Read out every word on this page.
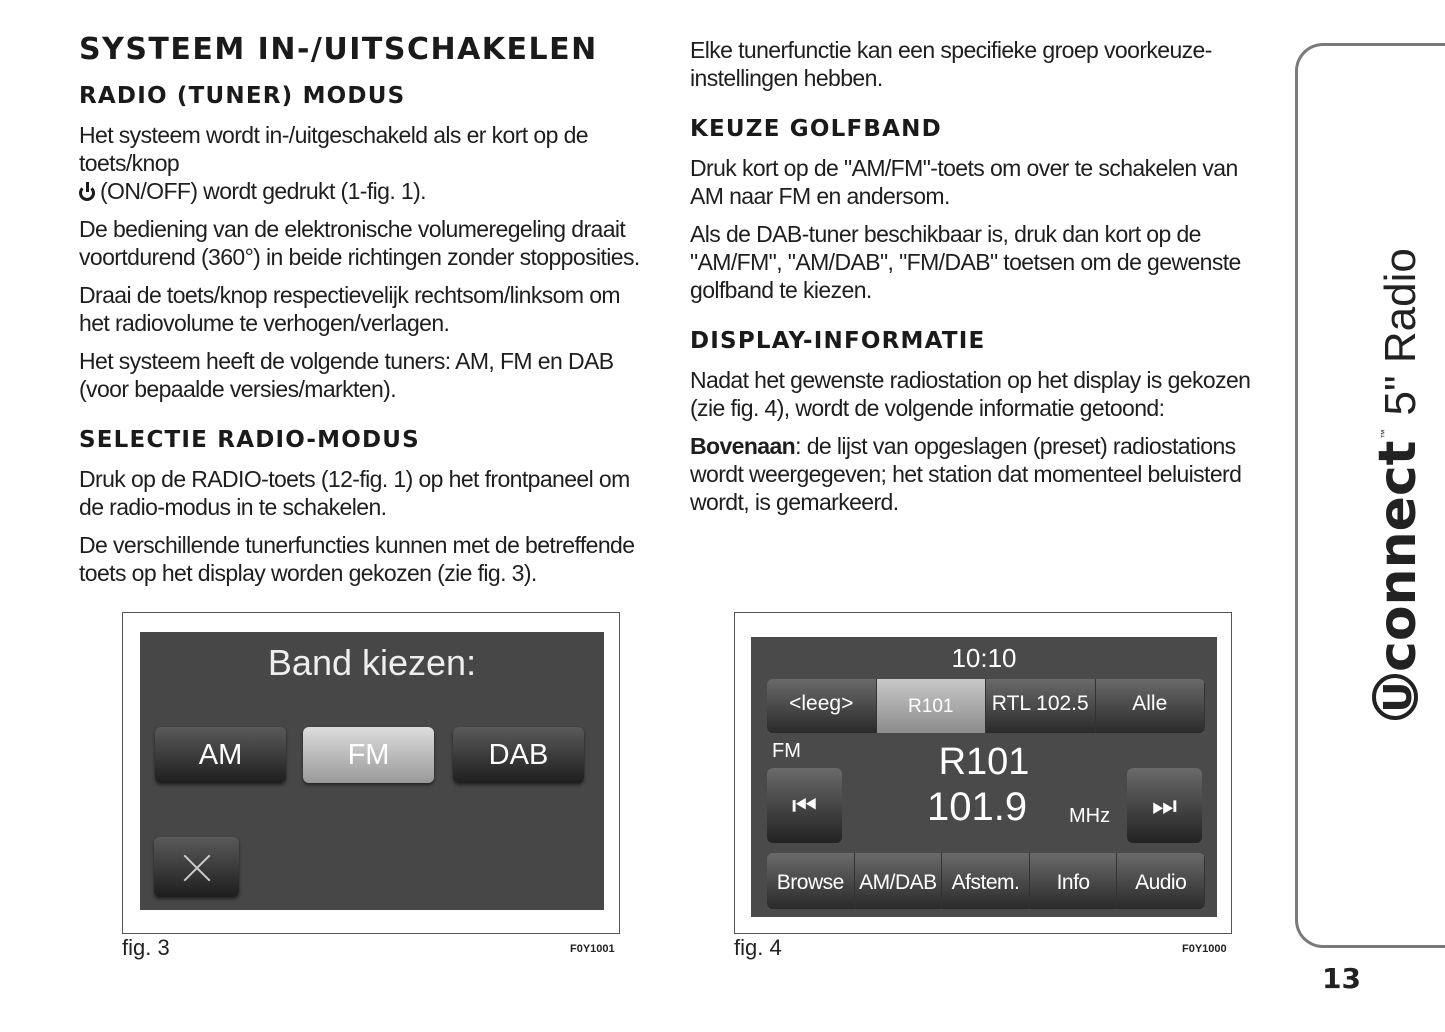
SYSTEEM IN-/UITSCHAKELEN
RADIO (TUNER) MODUS

Het systeem wordt in-/uitgeschakeld als er kort op de toets/knop
(ON/OFF) wordt gedrukt (1-fig. 1).

De bediening van de elektronische volumeregeling draait voortdurend (360°) in beide richtingen zonder stopposities.

Draai de toets/knop respectievelijk rechtsom/linksom om het radiovolume te verhogen/verlagen.

Het systeem heeft de volgende tuners: AM, FM en DAB (voor bepaalde versies/markten).

SELECTIE RADIO-MODUS

Druk op de RADIO-toets (12-fig. 1) op het frontpaneel om de radio-modus in te schakelen.

De verschillende tunerfuncties kunnen met de betreffende toets op het display worden gekozen (zie fig. 3).

Elke tunerfunctie kan een specifieke groep voorkeuze-instellingen hebben.

KEUZE GOLFBAND

Druk kort op de "AM/FM"-toets om over te schakelen van AM naar FM en andersom.

Als de DAB-tuner beschikbaar is, druk dan kort op de "AM/FM", "AM/DAB", "FM/DAB" toetsen om de gewenste golfband te kiezen.

DISPLAY-INFORMATIE

Nadat het gewenste radiostation op het display is gekozen (zie fig. 4), wordt de volgende informatie getoond:

Bovenaan: de lijst van opgeslagen (preset) radiostations wordt weergegeven; het station dat momenteel beluisterd wordt, is gemarkeerd.

Band kiezen:
AM	FM	DAB
fig. 3	F0Y1001
10:10
<leeg>	R101	RTL 102.5	Alle
FM	R101
101.9 MHz
⏮	⏭
Browse AM/DAB Afstem.	Info	Audio
fig. 4	F0Y1000
Uconnect™5" Radio
13
